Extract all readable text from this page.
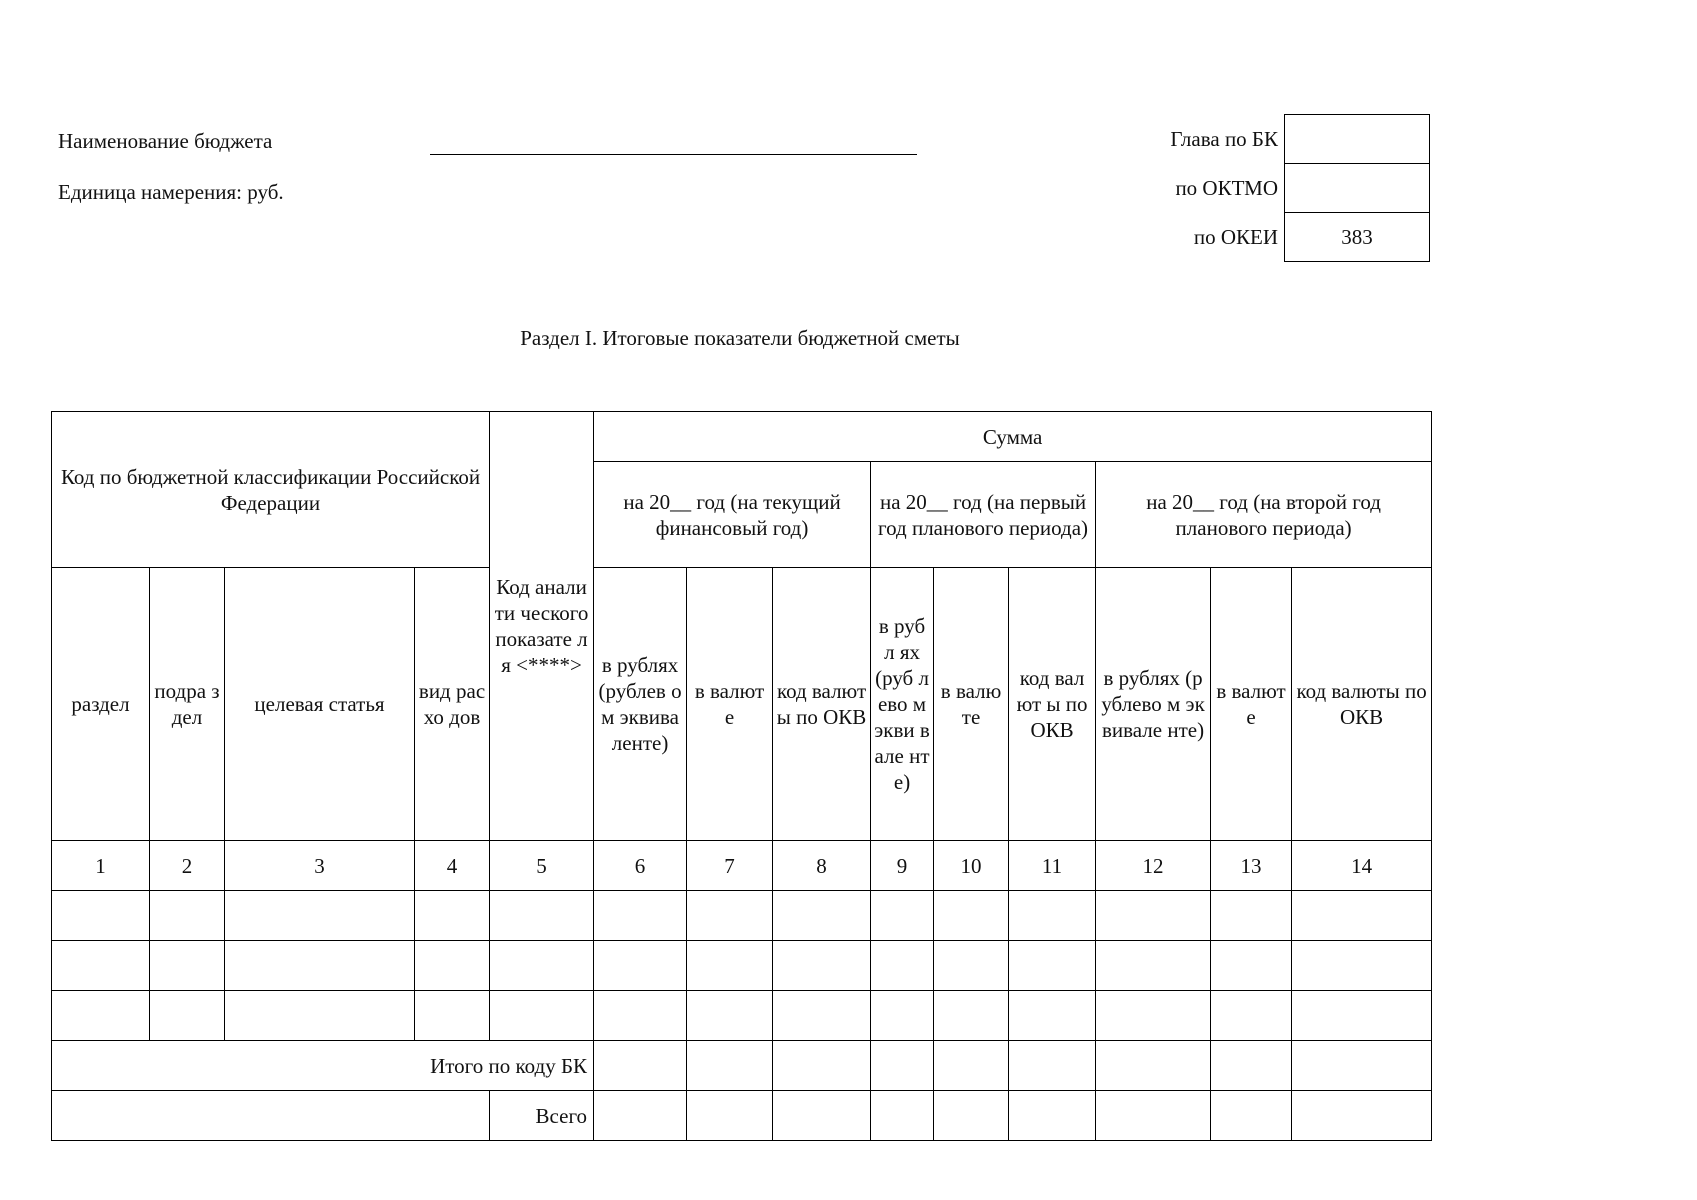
Наименование бюджета
Единица намерения: руб.
Глава по БК	
по ОКТМО	
по ОКЕИ	383
Раздел I. Итоговые показатели бюджетной сметы
Код по бюджетной классификации Российской Федерации				Код аналити ческого показате ля <****>	Сумма								
					на 20__ год (на текущий финансовый год)			на 20__ год (на первый год планового периода)			на 20__ год (на второй год планового периода)		
раздел	подра здел	целевая статья	вид расхо дов		в рублях (рублев ом эквива ленте)	в валют е	код валюты по ОКВ	в рубл ях (руб лево м экви вале нте)	в валю те	код валют ы по ОКВ	в рублях (рублево м эквивале нте)	в валют е	код валюты по ОКВ
1	2	3	4	5	6	7	8	9	10	11	12	13	14

Итого по коду БК													
				Всего									
